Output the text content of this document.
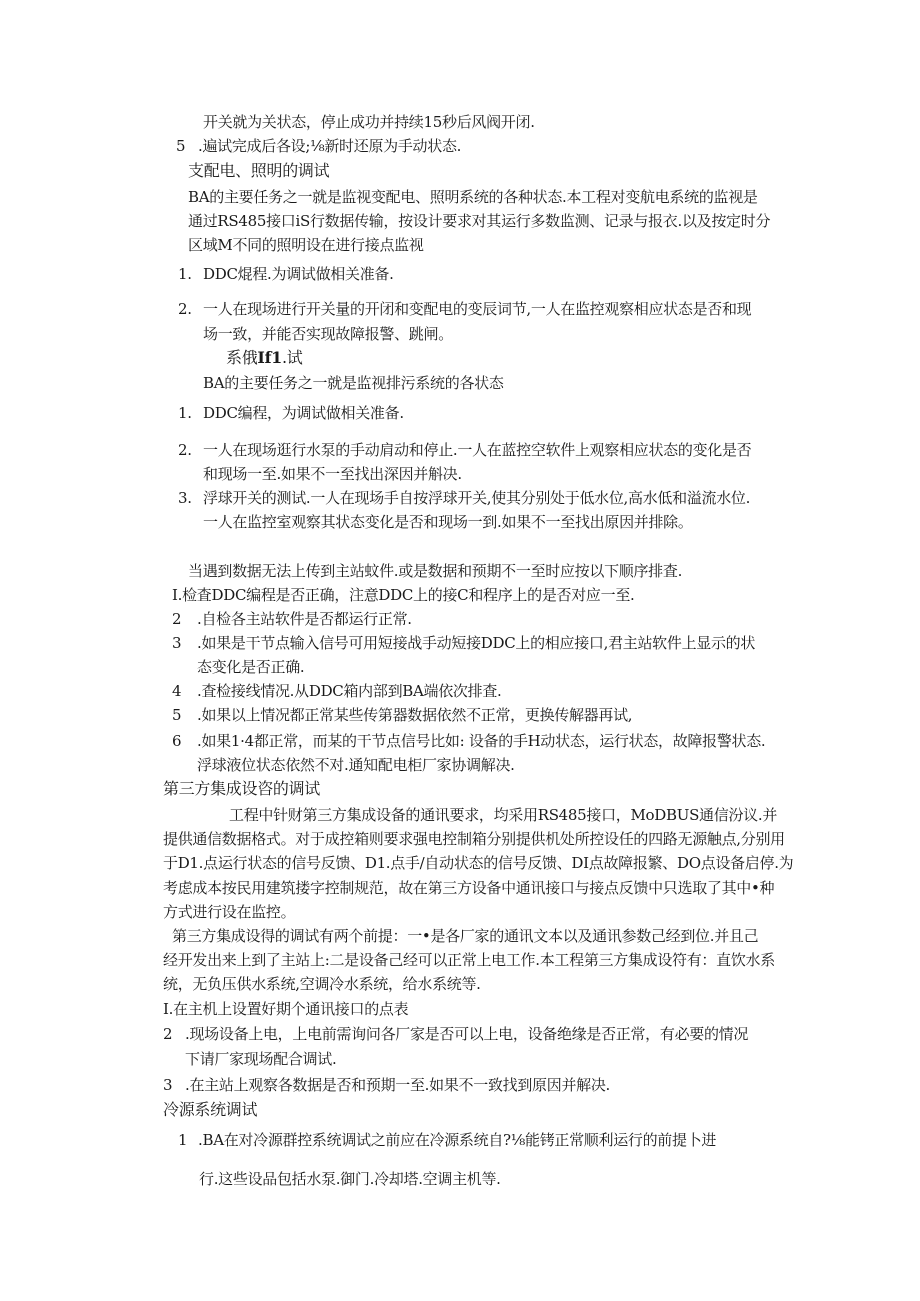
开关就为关状态，停止成功并持续15秒后风阀开闭.
5 .遍试完成后各设;⅛新时还原为手动状态.
支配电、照明的调试
BA的主要任务之一就是监视变配电、照明系统的各种状态.本工程对变航电系统的监视是
通过RS485接口iS行数据传输，按设计要求对其运行多数监测、记录与报衣.以及按定时分
区域M不同的照明设在进行接点监视
1. DDC焜程.为调试做相关准备.
2. 一人在现场进行开关量的开闭和变配电的变辰词节,一人在监控观察相应状态是否和现
场一致，并能否实现故障报警、跳闸。
系俄If1.试
BA的主要任务之一就是监视排污系统的各状态
1. DDC编程，为调试做相关准备.
2. 一人在现场逛行水泵的手动肩动和停止.一人在蓝控空软件上观察相应状态的变化是否
和现场一至.如果不一至找出深因并斛决.
3. 浮球开关的测试.一人在现场手自按浮球开关,使其分别处于低水位,高水低和溢流水位.
一人在监控室观察其状态变化是否和现场一到.如果不一至找出原因并排除。
当遇到数据无法上传到主站蚊件.或是数据和预期不一至时应按以下顺序排査.
I.检査DDC编程是否正确，注意DDC上的接C和程序上的是否对应一至.
2 .自检各主站软件是否都运行正常.
3 .如果是干节点输入信号可用短接战手动短接DDC上的相应接口,君主站软件上显示的状
态变化是否正确.
4 .査检接线情况.从DDC箱内部到BA端依次排査.
5 .如果以上情况都正常某些传第器数据依然不正常，更换传解器再试,
6 .如果1·4都正常，而某的干节点信号比如: 设备的手H动状态，运行状态，故障报警状态.
浮球液位状态依然不对.通知配电柜厂家协调解决.
第三方集成设咨的调试
工程中针财第三方集成设备的通讯要求，均采用RS485接口，MoDBUS通信汾议.并
提供通信数据格式。对于成控箱则要求强电控制箱分别提供机处所控设任的四路无源触点,分别用
于D1.点运行状态的信号反馈、D1.点手/自动状态的信号反馈、DI点故障报繁、DO点设备启停.为
考虑成本按民用建筑搂字控制规范，故在第三方设备中通讯接口与接点反馈中只选取了其中•种
方式进行设在监控。
第三方集成设得的调试有两个前提：一•是各厂家的通讯文本以及通讯参数己经到位.并且己
经开发出来上到了主站上:二是设备己经可以正常上电工作.本工程第三方集成设符有：直饮水系
统，无负压供水系统,空调冷水系统，给水系统等.
I.在主机上设置好期个通讯接口的点表
2 .现场设备上电，上电前需询问各厂家是否可以上电，设备绝缘是否正常，有必要的情况
下请厂家现场配合调试.
3 .在主站上观察各数据是否和预期一至.如果不一致找到原因并解决.
冷源系统调试
1 .BA在对冷源群控系统调试之前应在冷源系统自?⅛能铐正常顺利运行的前提卜进
行.这些设品包括水泵.御门.冷却塔.空调主机等.
